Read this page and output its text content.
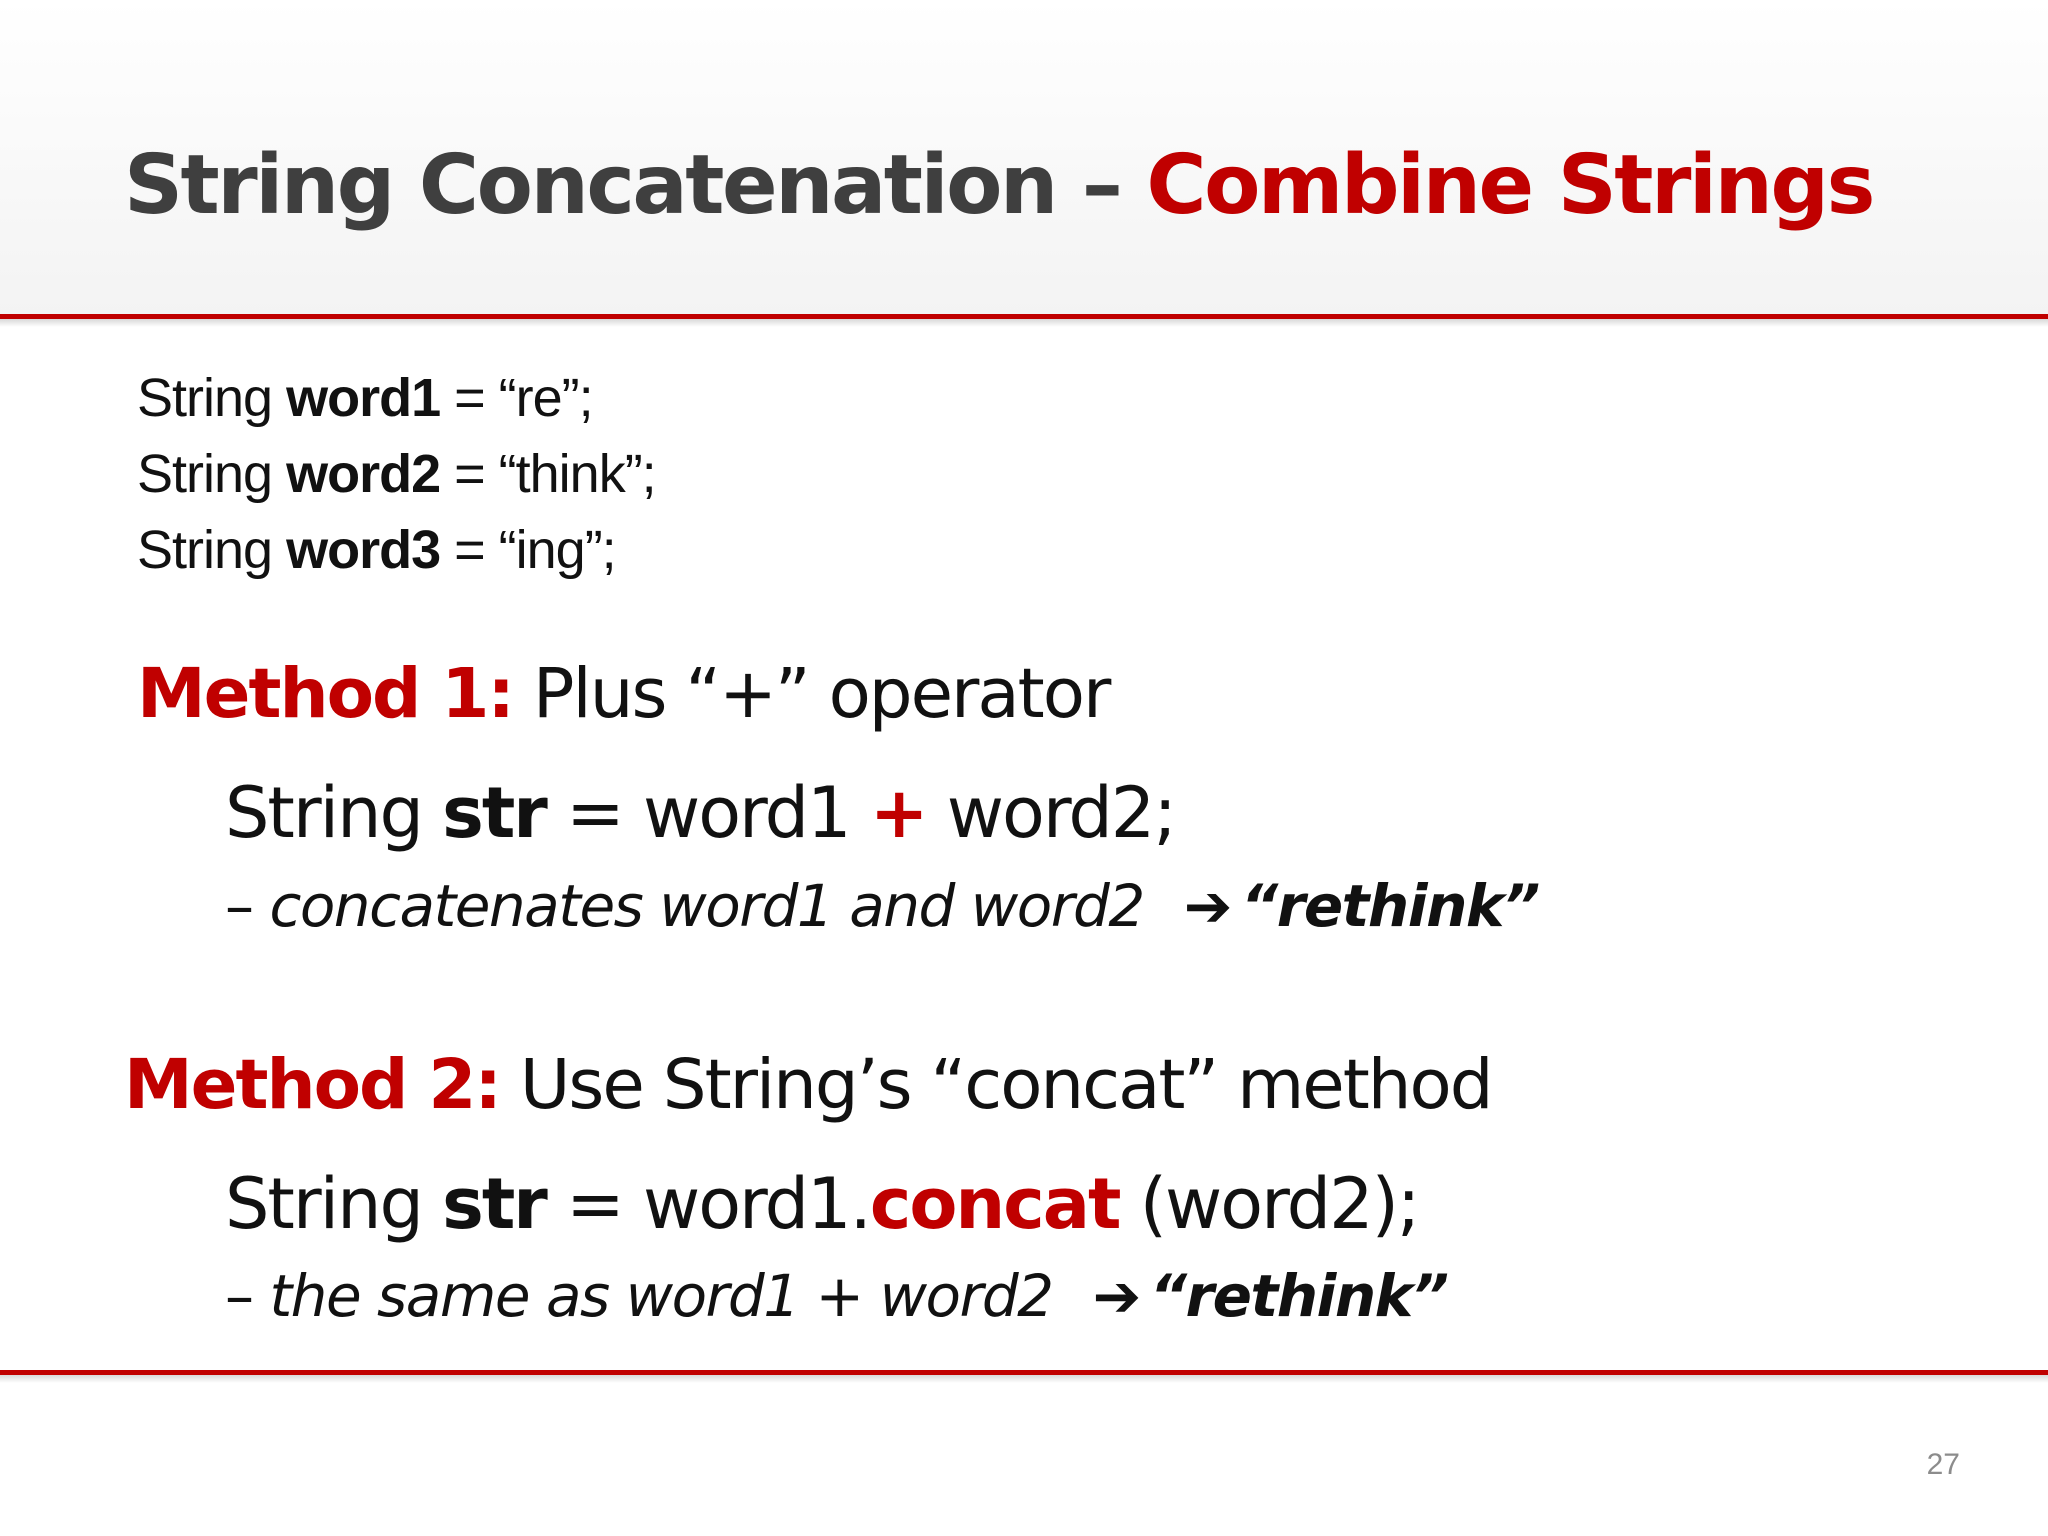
String Concatenation – Combine Strings
String word1 = “re”;
String word2 = “think”;
String word3 = “ing”;
Method 1: Plus “+” operator
String str = word1 + word2;
– concatenates word1 and word2 ➔ “rethink”
Method 2: Use String’s “concat” method
String str = word1.concat (word2);
– the same as word1 + word2 ➔ “rethink”
27
